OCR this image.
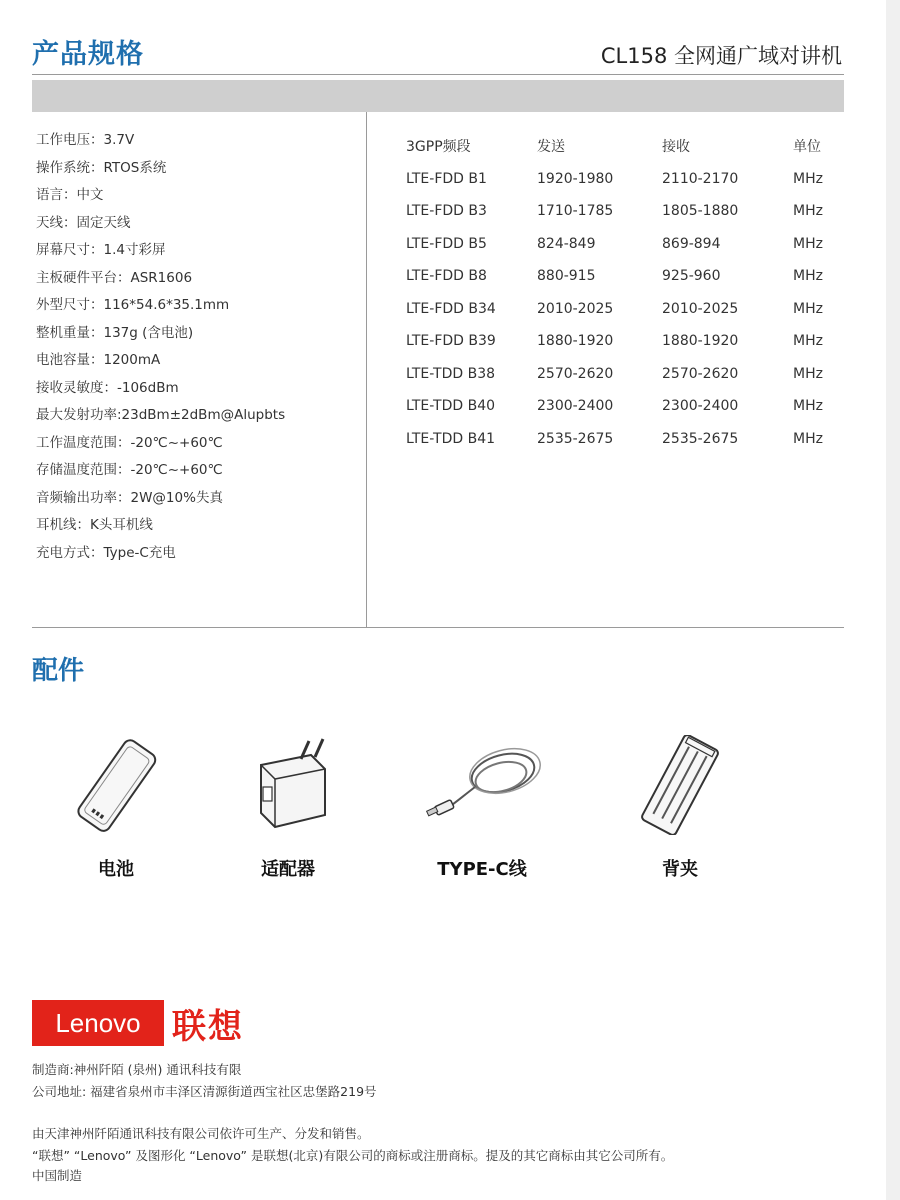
产品规格	CL158 全网通广域对讲机
工作电压：3.7V
操作系统：RTOS系统
语言：中文
天线：固定天线
屏幕尺寸：1.4寸彩屏
主板硬件平台：ASR1606
外型尺寸：116*54.6*35.1mm
整机重量：137g (含电池)
电池容量：1200mA
接收灵敏度：-106dBm
最大发射功率:23dBm±2dBm@Alupbts
工作温度范围：-20℃~+60℃
存储温度范围：-20℃~+60℃
音频输出功率：2W@10%失真
耳机线：K头耳机线
充电方式：Type-C充电
3GPP频段	发送	接收	单位
LTE-FDD B1	1920-1980	2110-2170	MHz
LTE-FDD B3	1710-1785	1805-1880	MHz
LTE-FDD B5	824-849	869-894	MHz
LTE-FDD B8	880-915	925-960	MHz
LTE-FDD B34	2010-2025	2010-2025	MHz
LTE-FDD B39	1880-1920	1880-1920	MHz
LTE-TDD B38	2570-2620	2570-2620	MHz
LTE-TDD B40	2300-2400	2300-2400	MHz
LTE-TDD B41	2535-2675	2535-2675	MHz
配件
电池	适配器	TYPE-C线	背夹
Lenovo 联想
制造商:神州阡陌 (泉州) 通讯科技有限
公司地址: 福建省泉州市丰泽区清源街道西宝社区忠堡路219号
由天津神州阡陌通讯科技有限公司依许可生产、分发和销售。
“联想” “Lenovo” 及图形化 “Lenovo” 是联想(北京)有限公司的商标或注册商标。提及的其它商标由其它公司所有。
中国制造
